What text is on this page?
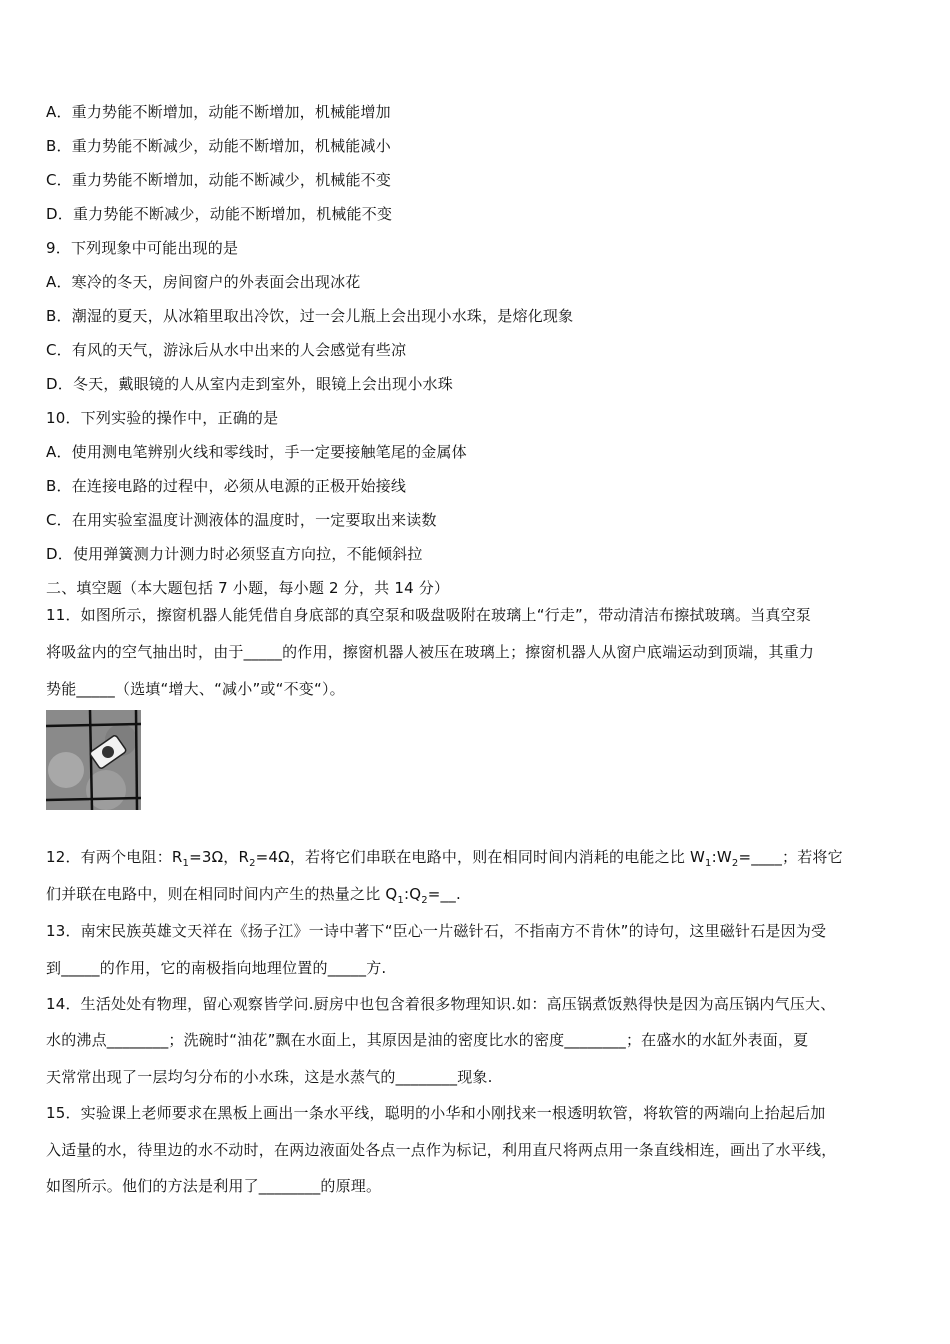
A．重力势能不断增加，动能不断增加，机械能增加
B．重力势能不断减少，动能不断增加，机械能减小
C．重力势能不断增加，动能不断减少，机械能不变
D．重力势能不断减少，动能不断增加，机械能不变
9．下列现象中可能出现的是
A．寒冷的冬天，房间窗户的外表面会出现冰花
B．潮湿的夏天，从冰箱里取出冷饮，过一会儿瓶上会出现小水珠，是熔化现象
C．有风的天气，游泳后从水中出来的人会感觉有些凉
D．冬天，戴眼镜的人从室内走到室外，眼镜上会出现小水珠
10．下列实验的操作中，正确的是
A．使用测电笔辨别火线和零线时，手一定要接触笔尾的金属体
B．在连接电路的过程中，必须从电源的正极开始接线
C．在用实验室温度计测液体的温度时，一定要取出来读数
D．使用弹簧测力计测力时必须竖直方向拉，不能倾斜拉
二、填空题（本大题包括 7 小题，每小题 2 分，共 14 分）
11．如图所示，擦窗机器人能凭借自身底部的真空泵和吸盘吸附在玻璃上“行走”，带动清洁布擦拭玻璃。当真空泵
将吸盆内的空气抽出时，由于_____的作用，擦窗机器人被压在玻璃上；擦窗机器人从窗户底端运动到顶端，其重力
势能_____（选填“增大、“减小”或“不变“）。
12．有两个电阻：$R_1=3\Omega$，$R_2=4\Omega$，若将它们串联在电路中，则在相同时间内消耗的电能之比 $W_1:W_2=\_\_\_\_$；若将它
们并联在电路中，则在相同时间内产生的热量之比 $Q_1:Q_2=\_\_$.
13．南宋民族英雄文天祥在《扬子江》一诗中著下“臣心一片磁针石，不指南方不肯休”的诗句，这里磁针石是因为受
到_____的作用，它的南极指向地理位置的_____方.
14．生活处处有物理，留心观察皆学问.厨房中也包含着很多物理知识.如：高压锅煮饭熟得快是因为高压锅内气压大、
水的沸点________；洗碗时“油花”飘在水面上，其原因是油的密度比水的密度________；在盛水的水缸外表面，夏
天常常出现了一层均匀分布的小水珠，这是水蒸气的________现象.
15．实验课上老师要求在黑板上画出一条水平线，聪明的小华和小刚找来一根透明软管，将软管的两端向上抬起后加
入适量的水，待里边的水不动时，在两边液面处各点一点作为标记，利用直尺将两点用一条直线相连，画出了水平线，
如图所示。他们的方法是利用了________的原理。
